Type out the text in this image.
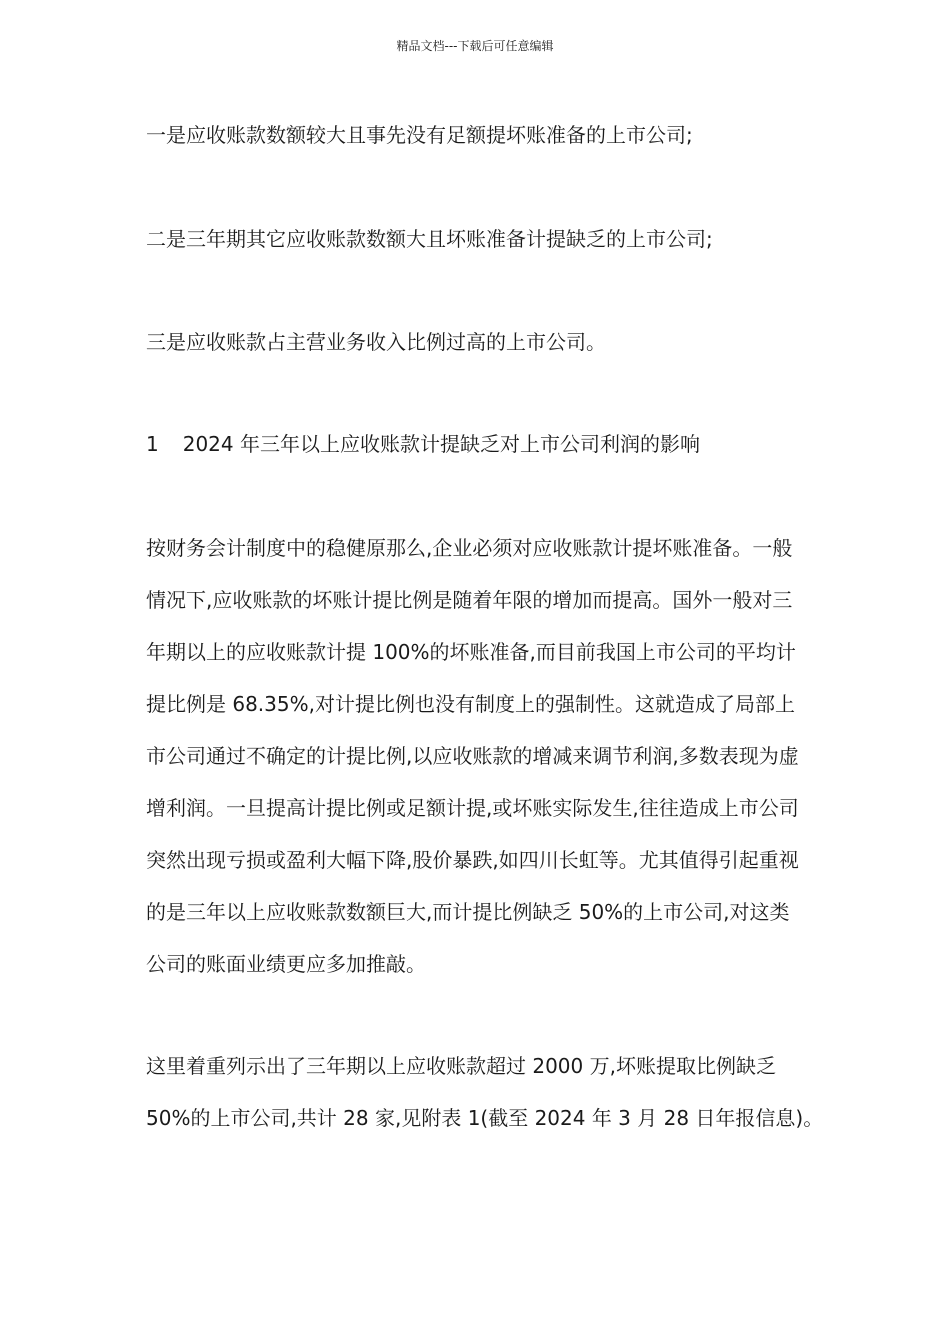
精品文档---下载后可任意编辑
一是应收账款数额较大且事先没有足额提坏账准备的上市公司;
二是三年期其它应收账款数额大且坏账准备计提缺乏的上市公司;
三是应收账款占主营业务收入比例过高的上市公司。
1 2024 年三年以上应收账款计提缺乏对上市公司利润的影响
按财务会计制度中的稳健原那么,企业必须对应收账款计提坏账准备。一般
情况下,应收账款的坏账计提比例是随着年限的增加而提高。国外一般对三
年期以上的应收账款计提 100%的坏账准备,而目前我国上市公司的平均计
提比例是 68.35%,对计提比例也没有制度上的强制性。这就造成了局部上
市公司通过不确定的计提比例,以应收账款的增减来调节利润,多数表现为虚
增利润。一旦提高计提比例或足额计提,或坏账实际发生,往往造成上市公司
突然出现亏损或盈利大幅下降,股价暴跌,如四川长虹等。尤其值得引起重视
的是三年以上应收账款数额巨大,而计提比例缺乏 50%的上市公司,对这类
公司的账面业绩更应多加推敲。
这里着重列示出了三年期以上应收账款超过 2000 万,坏账提取比例缺乏
50%的上市公司,共计 28 家,见附表 1(截至 2024 年 3 月 28 日年报信息)。
